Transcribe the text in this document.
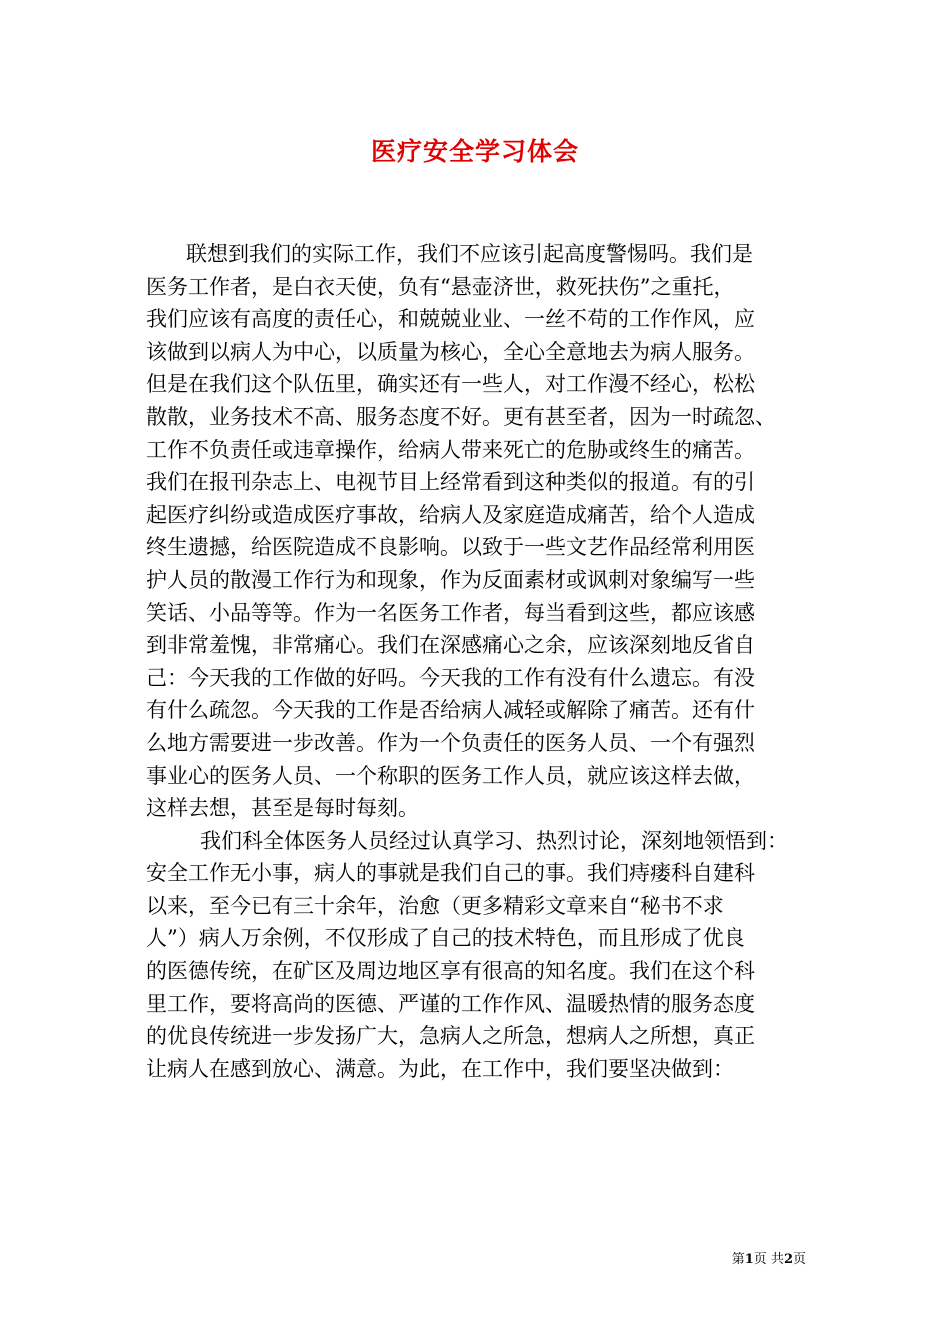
医疗安全学习体会
联想到我们的实际工作，我们不应该引起高度警惕吗。我们是
医务工作者，是白衣天使，负有“悬壶济世，救死扶伤”之重托，
我们应该有高度的责任心，和兢兢业业、一丝不苟的工作作风，应
该做到以病人为中心，以质量为核心，全心全意地去为病人服务。
但是在我们这个队伍里，确实还有一些人，对工作漫不经心，松松
散散，业务技术不高、服务态度不好。更有甚至者，因为一时疏忽、
工作不负责任或违章操作，给病人带来死亡的危胁或终生的痛苦。
我们在报刊杂志上、电视节目上经常看到这种类似的报道。有的引
起医疗纠纷或造成医疗事故，给病人及家庭造成痛苦，给个人造成
终生遗撼，给医院造成不良影响。以致于一些文艺作品经常利用医
护人员的散漫工作行为和现象，作为反面素材或讽刺对象编写一些
笑话、小品等等。作为一名医务工作者，每当看到这些，都应该感
到非常羞愧，非常痛心。我们在深感痛心之余，应该深刻地反省自
己：今天我的工作做的好吗。今天我的工作有没有什么遗忘。有没
有什么疏忽。今天我的工作是否给病人减轻或解除了痛苦。还有什
么地方需要进一步改善。作为一个负责任的医务人员、一个有强烈
事业心的医务人员、一个称职的医务工作人员，就应该这样去做，
这样去想，甚至是每时每刻。
我们科全体医务人员经过认真学习、热烈讨论，深刻地领悟到：
安全工作无小事，病人的事就是我们自己的事。我们痔瘘科自建科
以来，至今已有三十余年，治愈（更多精彩文章来自“秘书不求
人”）病人万余例，不仅形成了自己的技术特色，而且形成了优良
的医德传统，在矿区及周边地区享有很高的知名度。我们在这个科
里工作，要将高尚的医德、严谨的工作作风、温暖热情的服务态度
的优良传统进一步发扬广大，急病人之所急，想病人之所想，真正
让病人在感到放心、满意。为此，在工作中，我们要坚决做到：
第1页 共2页
